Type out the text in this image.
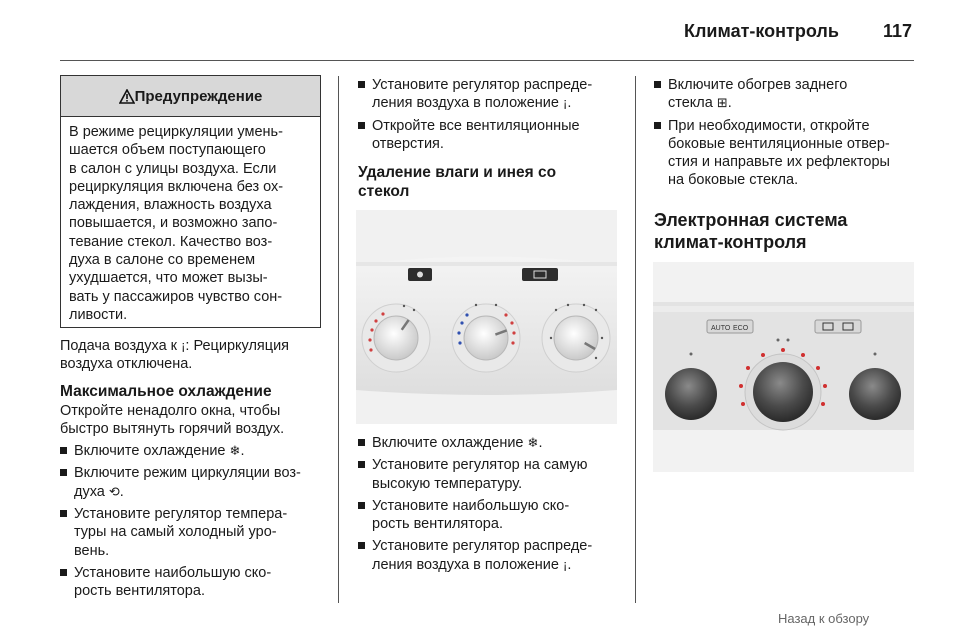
Климат-контроль 117
Предупреждение
В режиме рециркуляции умень-
шается объем поступающего
в салон с улицы воздуха. Если
рециркуляция включена без ох-
лаждения, влажность воздуха
повышается, и возможно запо-
тевание стекол. Качество воз-
духа в салоне со временем
ухудшается, что может вызы-
вать у пассажиров чувство сон-
ливости.
Подача воздуха к ¡: Рециркуляция
воздуха отключена.
Максимальное охлаждение
Откройте ненадолго окна, чтобы
быстро вытянуть горячий воздух.
Включите охлаждение ❄.
Включите режим циркуляции воз-
духа ⟲.
Установите регулятор темпера-
туры на самый холодный уро-
вень.
Установите наибольшую ско-
рость вентилятора.
Установите регулятор распреде-
ления воздуха в положение ¡.
Откройте все вентиляционные
отверстия.
Удаление влаги и инея со
стекол
Включите охлаждение ❄.
Установите регулятор на самую
высокую температуру.
Установите наибольшую ско-
рость вентилятора.
Установите регулятор распреде-
ления воздуха в положение ¡.
Включите обогрев заднего
стекла ⊞.
При необходимости, откройте
боковые вентиляционные отвер-
стия и направьте их рефлекторы
на боковые стекла.
Электронная система
климат-контроля
AUTO ECO
Назад к обзору
